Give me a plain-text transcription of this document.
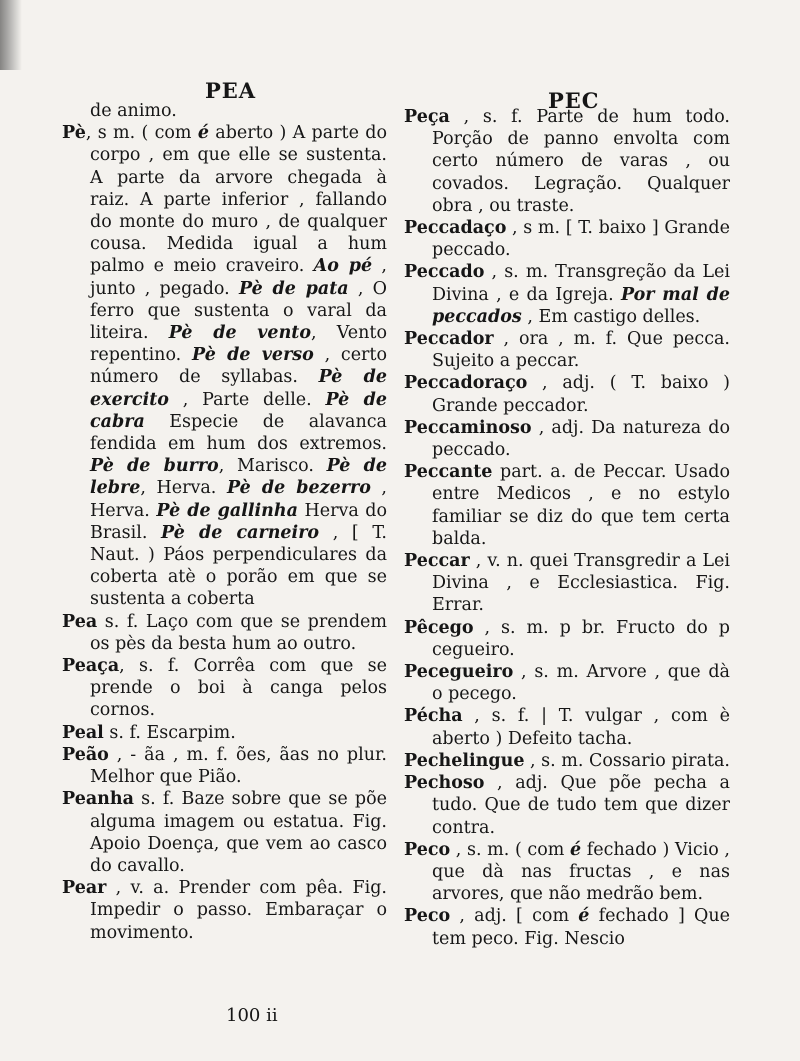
PEA	PEC

de animo.

Pè, s m. ( com é aberto ) A parte do corpo , em que elle se sustenta. A parte da arvore chegada à raiz. A parte inferior , fallando do monte do muro , de qualquer cousa. Medida igual a hum palmo e meio craveiro. Ao pé , junto , pegado. Pè de pata , O ferro que sustenta o varal da liteira. Pè de vento, Vento repentino. Pè de verso , certo número de syllabas. Pè de exercito , Parte delle. Pè de cabra Especie de alavanca fendida em hum dos extremos. Pè de burro, Marisco. Pè de lebre, Herva. Pè de bezerro , Herva. Pè de gallinha Herva do Brasil. Pè de carneiro , [ T. Naut. ) Páos perpendiculares da coberta atè o porão em que se sustenta a coberta

Pea s. f. Laço com que se prendem os pès da besta hum ao outro.

Peaça, s. f. Corrêa com que se prende o boi à canga pelos cornos.

Peal s. f. Escarpim.

Peão , - ãa , m. f. ões, ãas no plur. Melhor que Pião.

Peanha s. f. Baze sobre que se põe alguma imagem ou estatua. Fig. Apoio Doença, que vem ao casco do cavallo.

Pear , v. a. Prender com pêa. Fig. Impedir o passo. Embaraçar o movimento.

Peça , s. f. Parte de hum todo. Porção de panno envolta com certo número de varas , ou covados. Legração. Qualquer obra , ou traste.

Peccadaço , s m. [ T. baixo ] Grande peccado.

Peccado , s. m. Transgreção da Lei Divina , e da Igreja. Por mal de peccados , Em castigo delles.

Peccador , ora , m. f. Que pecca. Sujeito a peccar.

Peccadoraço , adj. ( T. baixo ) Grande peccador.

Peccaminoso , adj. Da natureza do peccado.

Peccante part. a. de Peccar. Usado entre Medicos , e no estylo familiar se diz do que tem certa balda.

Peccar , v. n. quei Transgredir a Lei Divina , e Ecclesiastica. Fig. Errar.

Pêcego , s. m. p br. Fructo do p cegueiro.

Pecegueiro , s. m. Arvore , que dà o pecego.

Pécha , s. f. | T. vulgar , com è aberto ) Defeito tacha.

Pechelingue , s. m. Cossario pirata.

Pechoso , adj. Que põe pecha a tudo. Que de tudo tem que dizer contra.

Peco , s. m. ( com é fechado ) Vicio , que dà nas fructas , e nas arvores, que não medrão bem.

Peco , adj. [ com é fechado ] Que tem peco. Fig. Nescio

100 ii
